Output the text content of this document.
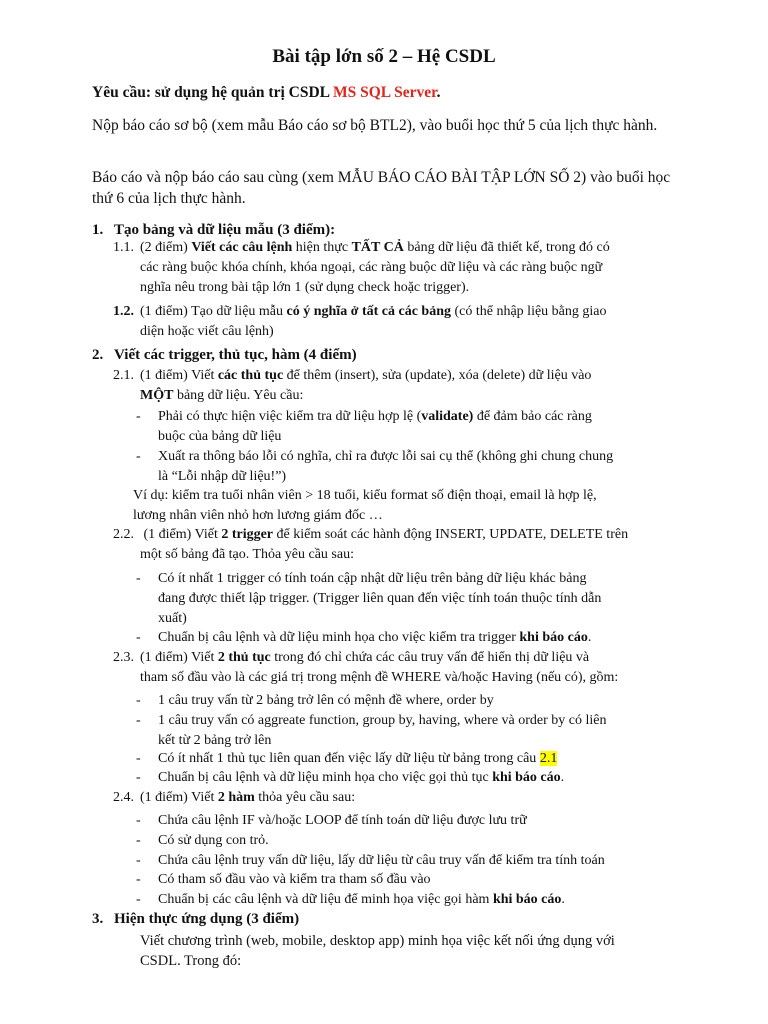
Bài tập lớn số 2 – Hệ CSDL
Yêu cầu: sử dụng hệ quản trị CSDL MS SQL Server.
Nộp báo cáo sơ bộ (xem mẫu Báo cáo sơ bộ BTL2), vào buổi học thứ 5 của lịch thực hành.
Báo cáo và nộp báo cáo sau cùng (xem MẪU BÁO CÁO BÀI TẬP LỚN SỐ 2) vào buổi học thứ 6 của lịch thực hành.
1. Tạo bảng và dữ liệu mẫu (3 điểm):
1.1. (2 điểm) Viết các câu lệnh hiện thực TẤT CẢ bảng dữ liệu đã thiết kế, trong đó có
các ràng buộc khóa chính, khóa ngoại, các ràng buộc dữ liệu và các ràng buộc ngữ
nghĩa nêu trong bài tập lớn 1 (sử dụng check hoặc trigger).
1.2. (1 điểm) Tạo dữ liệu mẫu có ý nghĩa ở tất cả các bảng (có thể nhập liệu bằng giao
diện hoặc viết câu lệnh)
2. Viết các trigger, thủ tục, hàm (4 điểm)
2.1. (1 điểm) Viết các thủ tục để thêm (insert), sửa (update), xóa (delete) dữ liệu vào
MỘT bảng dữ liệu. Yêu cầu:
-	Phải có thực hiện việc kiểm tra dữ liệu hợp lệ (validate) để đảm bảo các ràng
buộc của bảng dữ liệu
-	Xuất ra thông báo lỗi có nghĩa, chỉ ra được lỗi sai cụ thể (không ghi chung chung
là “Lỗi nhập dữ liệu!”)
Ví dụ: kiểm tra tuổi nhân viên > 18 tuổi, kiểu format số điện thoại, email là hợp lệ,
lương nhân viên nhỏ hơn lương giám đốc …
2.2. (1 điểm) Viết 2 trigger để kiểm soát các hành động INSERT, UPDATE, DELETE trên
một số bảng đã tạo. Thỏa yêu cầu sau:
-	Có ít nhất 1 trigger có tính toán cập nhật dữ liệu trên bảng dữ liệu khác bảng
đang được thiết lập trigger. (Trigger liên quan đến việc tính toán thuộc tính dẫn
xuất)
-	Chuẩn bị câu lệnh và dữ liệu minh họa cho việc kiểm tra trigger khi báo cáo.
2.3. (1 điểm) Viết 2 thủ tục trong đó chỉ chứa các câu truy vấn để hiển thị dữ liệu và
tham số đầu vào là các giá trị trong mệnh đề WHERE và/hoặc Having (nếu có), gồm:
-	1 câu truy vấn từ 2 bảng trở lên có mệnh đề where, order by
-	1 câu truy vấn có aggreate function, group by, having, where và order by có liên
kết từ 2 bảng trở lên
-	Có ít nhất 1 thủ tục liên quan đến việc lấy dữ liệu từ bảng trong câu 2.1
-	Chuẩn bị câu lệnh và dữ liệu minh họa cho việc gọi thủ tục khi báo cáo.
2.4. (1 điểm) Viết 2 hàm thỏa yêu cầu sau:
-	Chứa câu lệnh IF và/hoặc LOOP để tính toán dữ liệu được lưu trữ
-	Có sử dụng con trỏ.
-	Chứa câu lệnh truy vấn dữ liệu, lấy dữ liệu từ câu truy vấn để kiểm tra tính toán
-	Có tham số đầu vào và kiểm tra tham số đầu vào
-	Chuẩn bị các câu lệnh và dữ liệu để minh họa việc gọi hàm khi báo cáo.
3. Hiện thực ứng dụng (3 điểm)
Viết chương trình (web, mobile, desktop app) minh họa việc kết nối ứng dụng với
CSDL. Trong đó:
